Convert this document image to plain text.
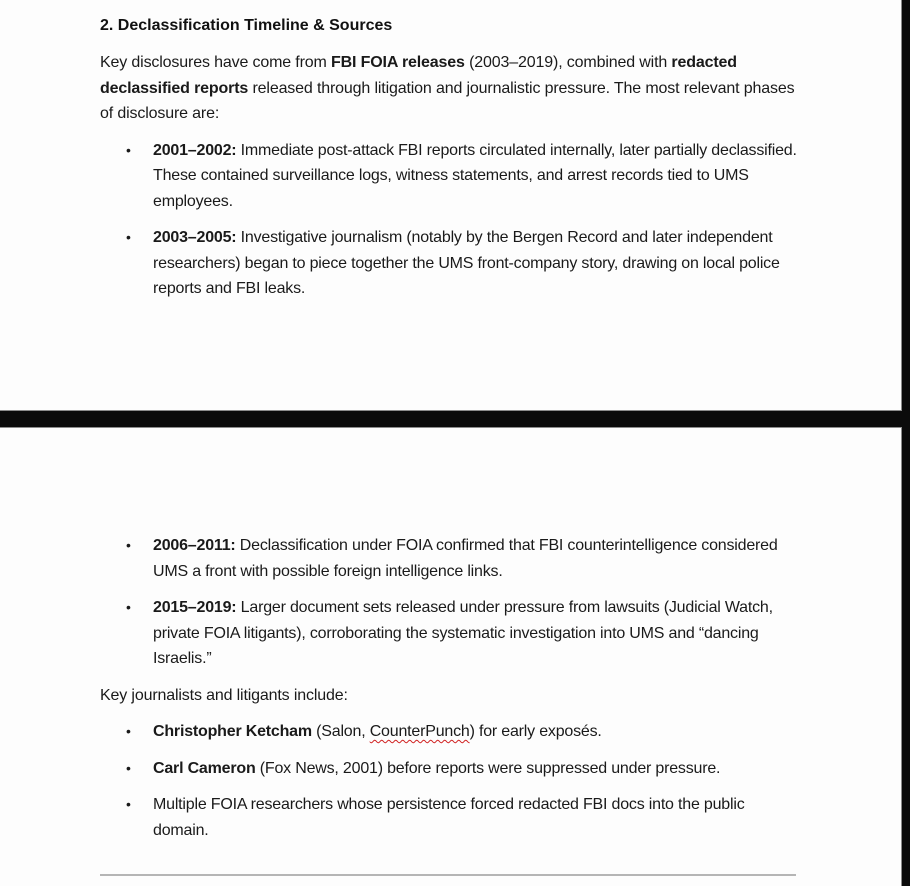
2. Declassification Timeline & Sources

Key disclosures have come from FBI FOIA releases (2003–2019), combined with redacted declassified reports released through litigation and journalistic pressure. The most relevant phases of disclosure are:

• 2001–2002: Immediate post-attack FBI reports circulated internally, later partially declassified. These contained surveillance logs, witness statements, and arrest records tied to UMS employees.
• 2003–2005: Investigative journalism (notably by the Bergen Record and later independent researchers) began to piece together the UMS front-company story, drawing on local police reports and FBI leaks.
• 2006–2011: Declassification under FOIA confirmed that FBI counterintelligence considered UMS a front with possible foreign intelligence links.
• 2015–2019: Larger document sets released under pressure from lawsuits (Judicial Watch, private FOIA litigants), corroborating the systematic investigation into UMS and “dancing Israelis.”

Key journalists and litigants include:

• Christopher Ketcham (Salon, CounterPunch) for early exposés.
• Carl Cameron (Fox News, 2001) before reports were suppressed under pressure.
• Multiple FOIA researchers whose persistence forced redacted FBI docs into the public domain.
